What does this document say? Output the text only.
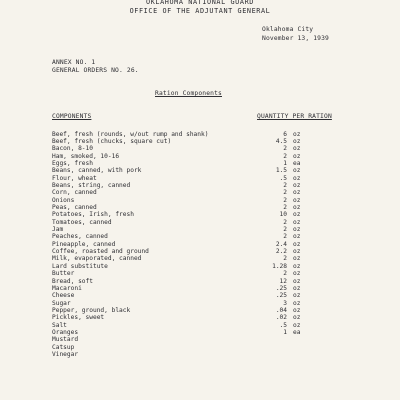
OKLAHOMA NATIONAL GUARD
OFFICE OF THE ADJUTANT GENERAL
Oklahoma City
November 13, 1939
ANNEX NO. 1
GENERAL ORDERS NO. 26.
Ration Components
COMPONENTS	QUANTITY PER RATION
Beef, fresh (rounds, w/out rump and shank)	6 oz
Beef, fresh (chucks, square cut)	4.5 oz
Bacon, 8-10	2 oz
Ham, smoked, 10-16	2 oz
Eggs, fresh	1 ea
Beans, canned, with pork	1.5 oz
Flour, wheat	.5 oz
Beans, string, canned	2 oz
Corn, canned	2 oz
Onions	2 oz
Peas, canned	2 oz
Potatoes, Irish, fresh	10 oz
Tomatoes, canned	2 oz
Jam	2 oz
Peaches, canned	2 oz
Pineapple, canned	2.4 oz
Coffee, roasted and ground	2.2 oz
Milk, evaporated, canned	2 oz
Lard substitute	1.28 oz
Butter	2 oz
Bread, soft	12 oz
Macaroni	.25 oz
Cheese	.25 oz
Sugar	3 oz
Pepper, ground, black	.04 oz
Pickles, sweet	.02 oz
Salt	.5 oz
Oranges	1 ea
Mustard
Catsup
Vinegar
